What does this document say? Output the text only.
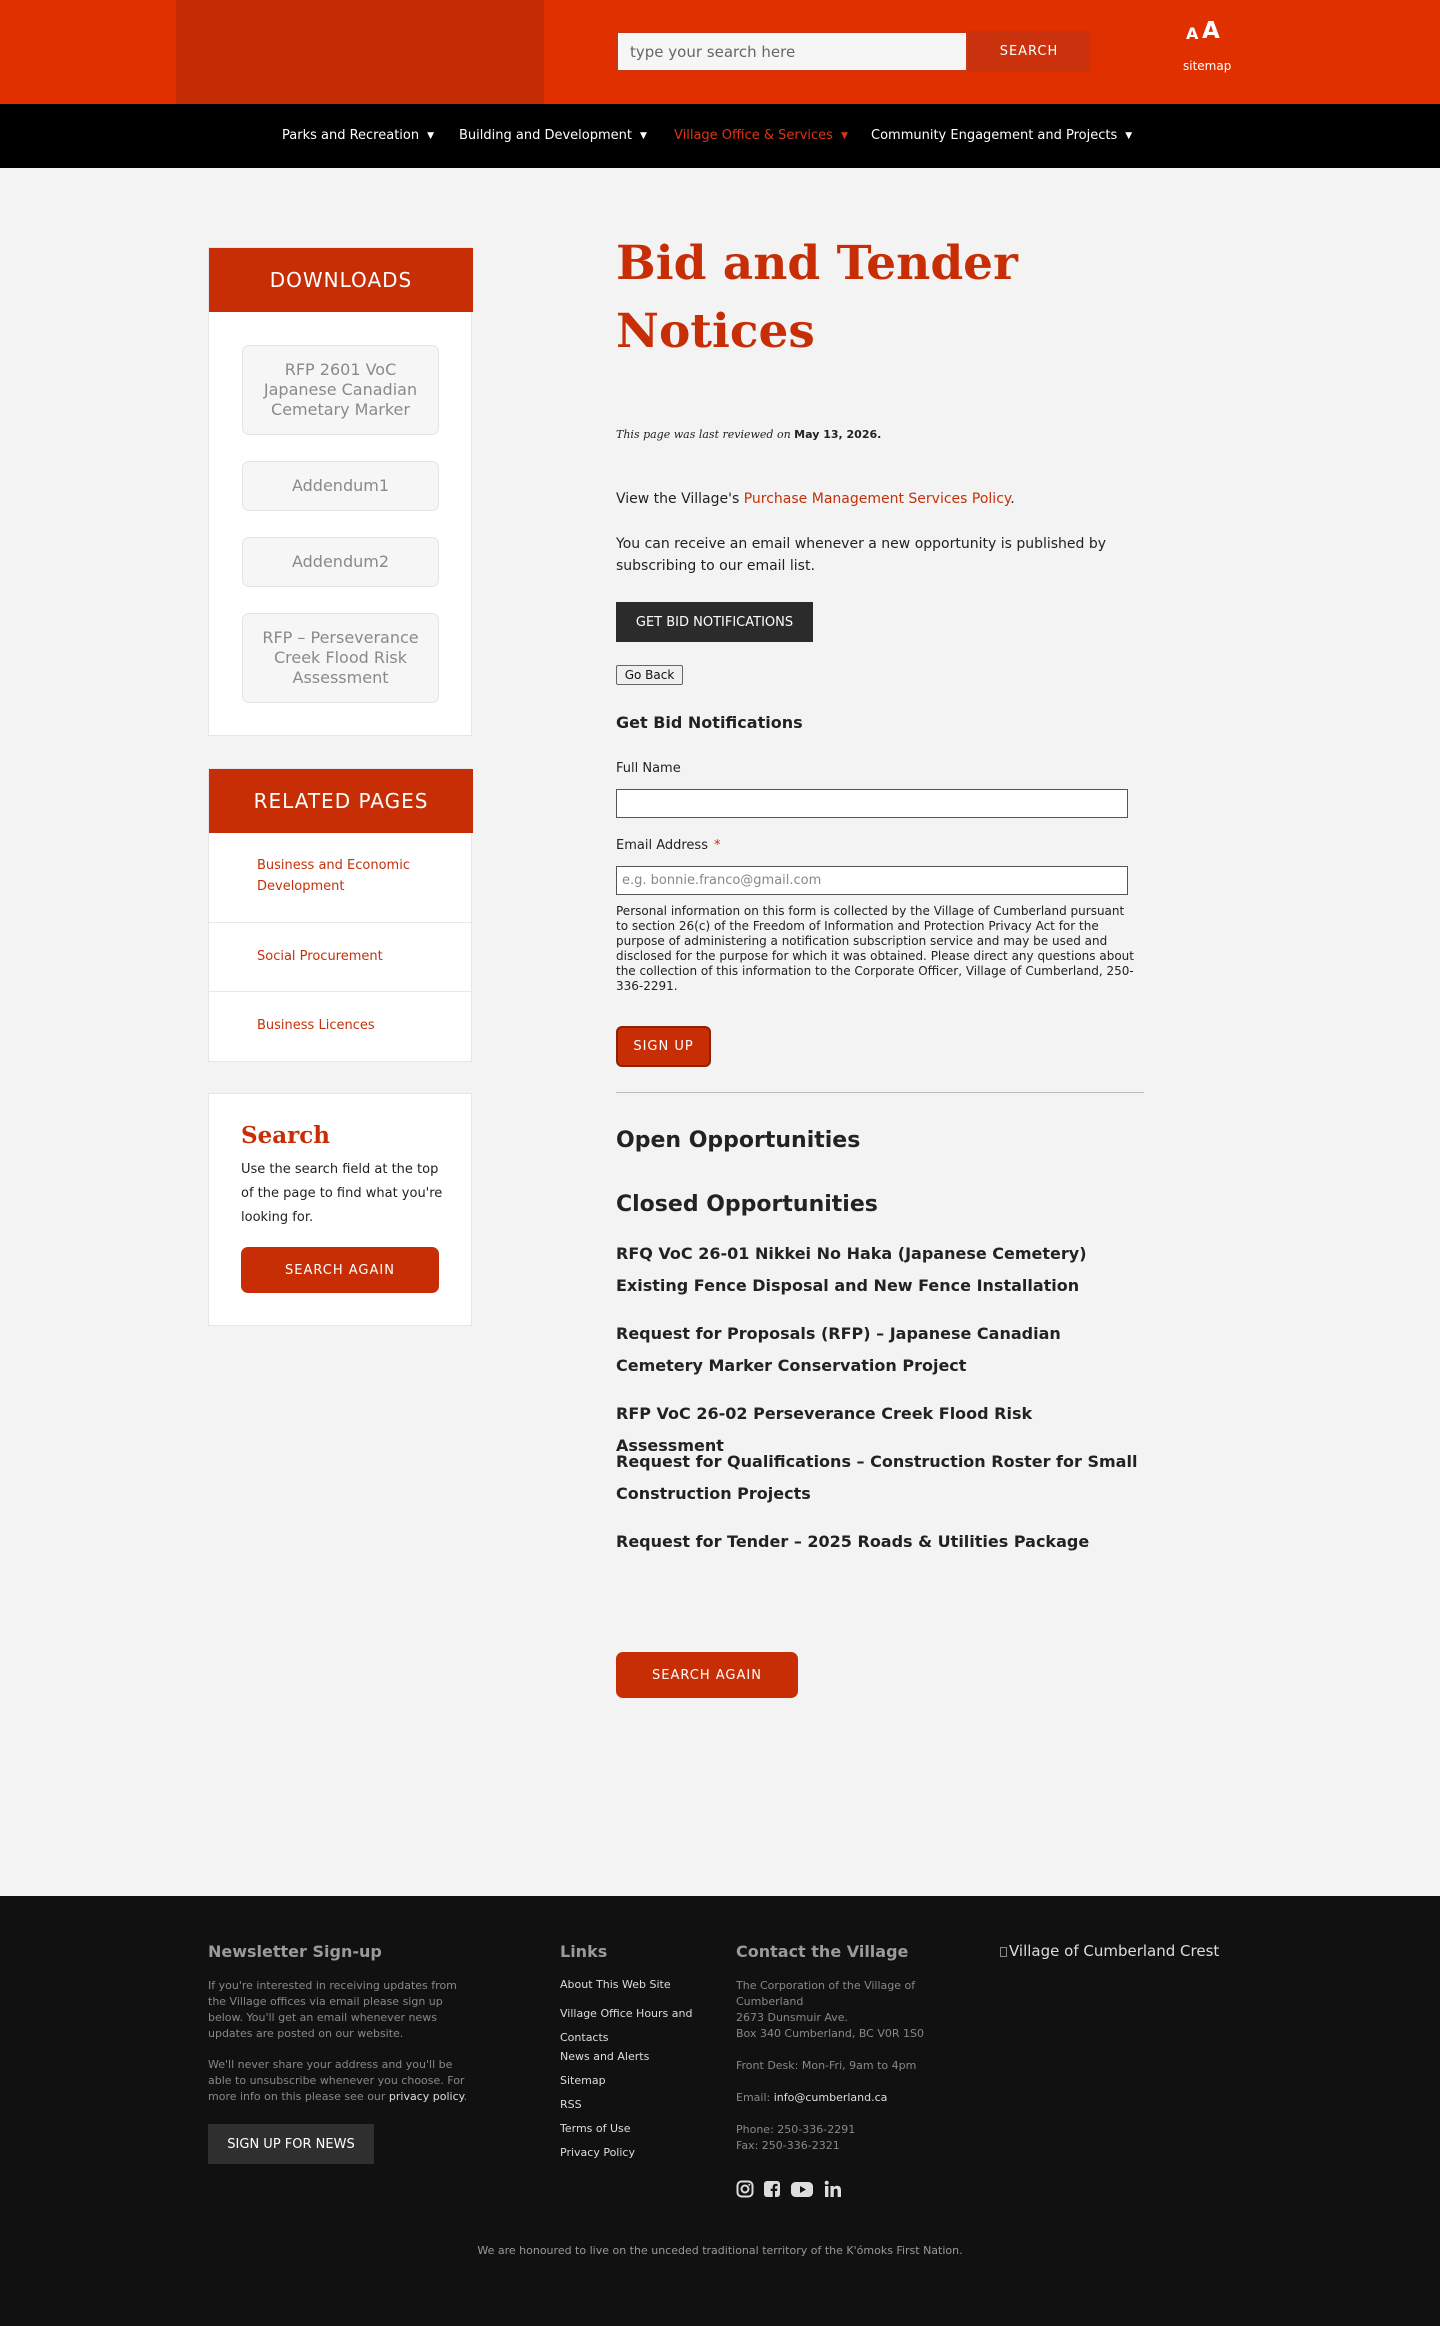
type your search here
SEARCH
A A
sitemap
Parks and Recreation ▼ Building and Development ▼ Village Office & Services ▼ Community Engagement and Projects ▼
DOWNLOADS
RFP 2601 VoC Japanese Canadian Cemetary Marker
Addendum1
Addendum2
RFP – Perseverance Creek Flood Risk Assessment
RELATED PAGES
Business and Economic Development
Social Procurement
Business Licences
Search
Use the search field at the top of the page to find what you're looking for.
SEARCH AGAIN
Bid and Tender Notices
This page was last reviewed on May 13, 2026.
View the Village's Purchase Management Services Policy.
You can receive an email whenever a new opportunity is published by subscribing to our email list.
GET BID NOTIFICATIONS
Go Back
Get Bid Notifications
Full Name
Email Address *
e.g. bonnie.franco@gmail.com
Personal information on this form is collected by the Village of Cumberland pursuant to section 26(c) of the Freedom of Information and Protection Privacy Act for the purpose of administering a notification subscription service and may be used and disclosed for the purpose for which it was obtained. Please direct any questions about the collection of this information to the Corporate Officer, Village of Cumberland, 250-336-2291.
SIGN UP
Open Opportunities
Closed Opportunities
RFQ VoC 26-01 Nikkei No Haka (Japanese Cemetery) Existing Fence Disposal and New Fence Installation
Request for Proposals (RFP) – Japanese Canadian Cemetery Marker Conservation Project
RFP VoC 26-02 Perseverance Creek Flood Risk Assessment
Request for Qualifications – Construction Roster for Small Construction Projects
Request for Tender – 2025 Roads & Utilities Package
SEARCH AGAIN
Newsletter Sign-up
If you're interested in receiving updates from the Village offices via email please sign up below. You'll get an email whenever news updates are posted on our website.
We'll never share your address and you'll be able to unsubscribe whenever you choose. For more info on this please see our privacy policy.
SIGN UP FOR NEWS
Links
About This Web Site
Village Office Hours and Contacts
News and Alerts
Sitemap
RSS
Terms of Use
Privacy Policy
Contact the Village
The Corporation of the Village of Cumberland
2673 Dunsmuir Ave.
Box 340 Cumberland, BC V0R 1S0
Front Desk: Mon-Fri, 9am to 4pm
Email: info@cumberland.ca
Phone: 250-336-2291
Fax: 250-336-2321
Village of Cumberland Crest
We are honoured to live on the unceded traditional territory of the K'ómoks First Nation.
